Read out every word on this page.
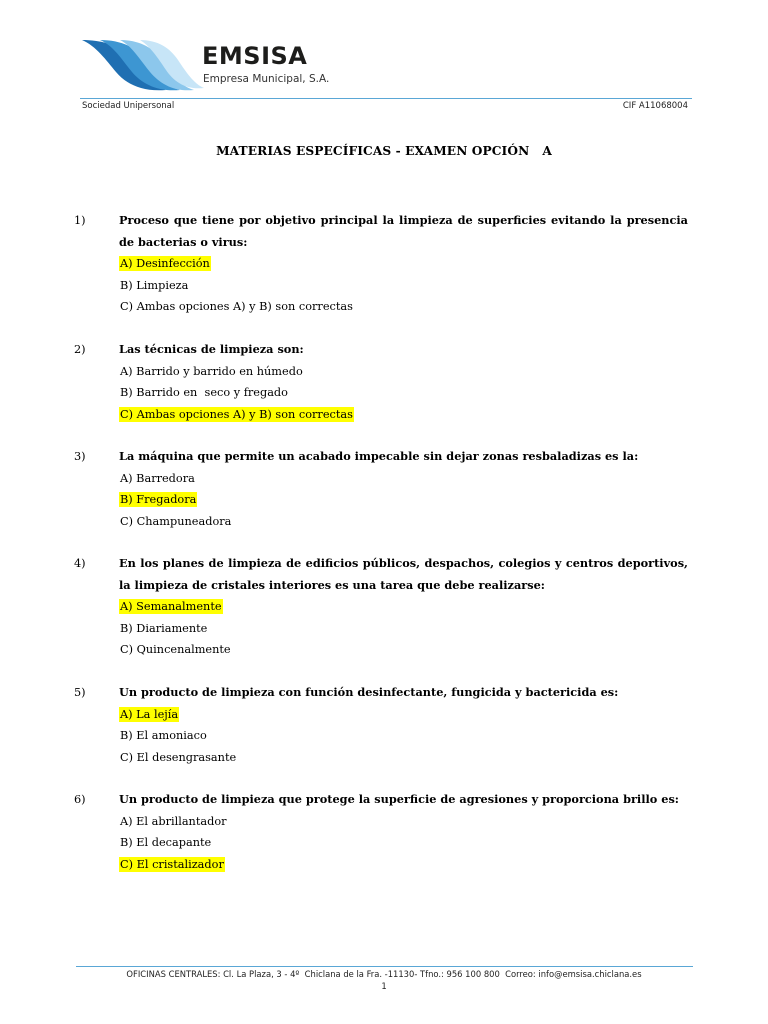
EMSISA
Empresa Municipal, S.A.
Sociedad Unipersonal	CIF A11068004
MATERIAS ESPECÍFICAS - EXAMEN OPCIÓN   A
1)	Proceso que tiene por objetivo principal la limpieza de superficies evitando la presencia de bacterias o virus:
A) Desinfección
B) Limpieza
C) Ambas opciones A) y B) son correctas
2)	Las técnicas de limpieza son:
A) Barrido y barrido en húmedo
B) Barrido en  seco y fregado
C) Ambas opciones A) y B) son correctas
3)	La máquina que permite un acabado impecable sin dejar zonas resbaladizas es la:
A) Barredora
B) Fregadora
C) Champuneadora
4)	En los planes de limpieza de edificios públicos, despachos, colegios y centros deportivos, la limpieza de cristales interiores es una tarea que debe realizarse:
A) Semanalmente
B) Diariamente
C) Quincenalmente
5)	Un producto de limpieza con función desinfectante, fungicida y bactericida es:
A) La lejía
B) El amoniaco
C) El desengrasante
6)	Un producto de limpieza que protege la superficie de agresiones y proporciona brillo es:
A) El abrillantador
B) El decapante
C) El cristalizador
OFICINAS CENTRALES: Cl. La Plaza, 3 - 4º  Chiclana de la Fra. -11130- Tfno.: 956 100 800  Correo: info@emsisa.chiclana.es
1
